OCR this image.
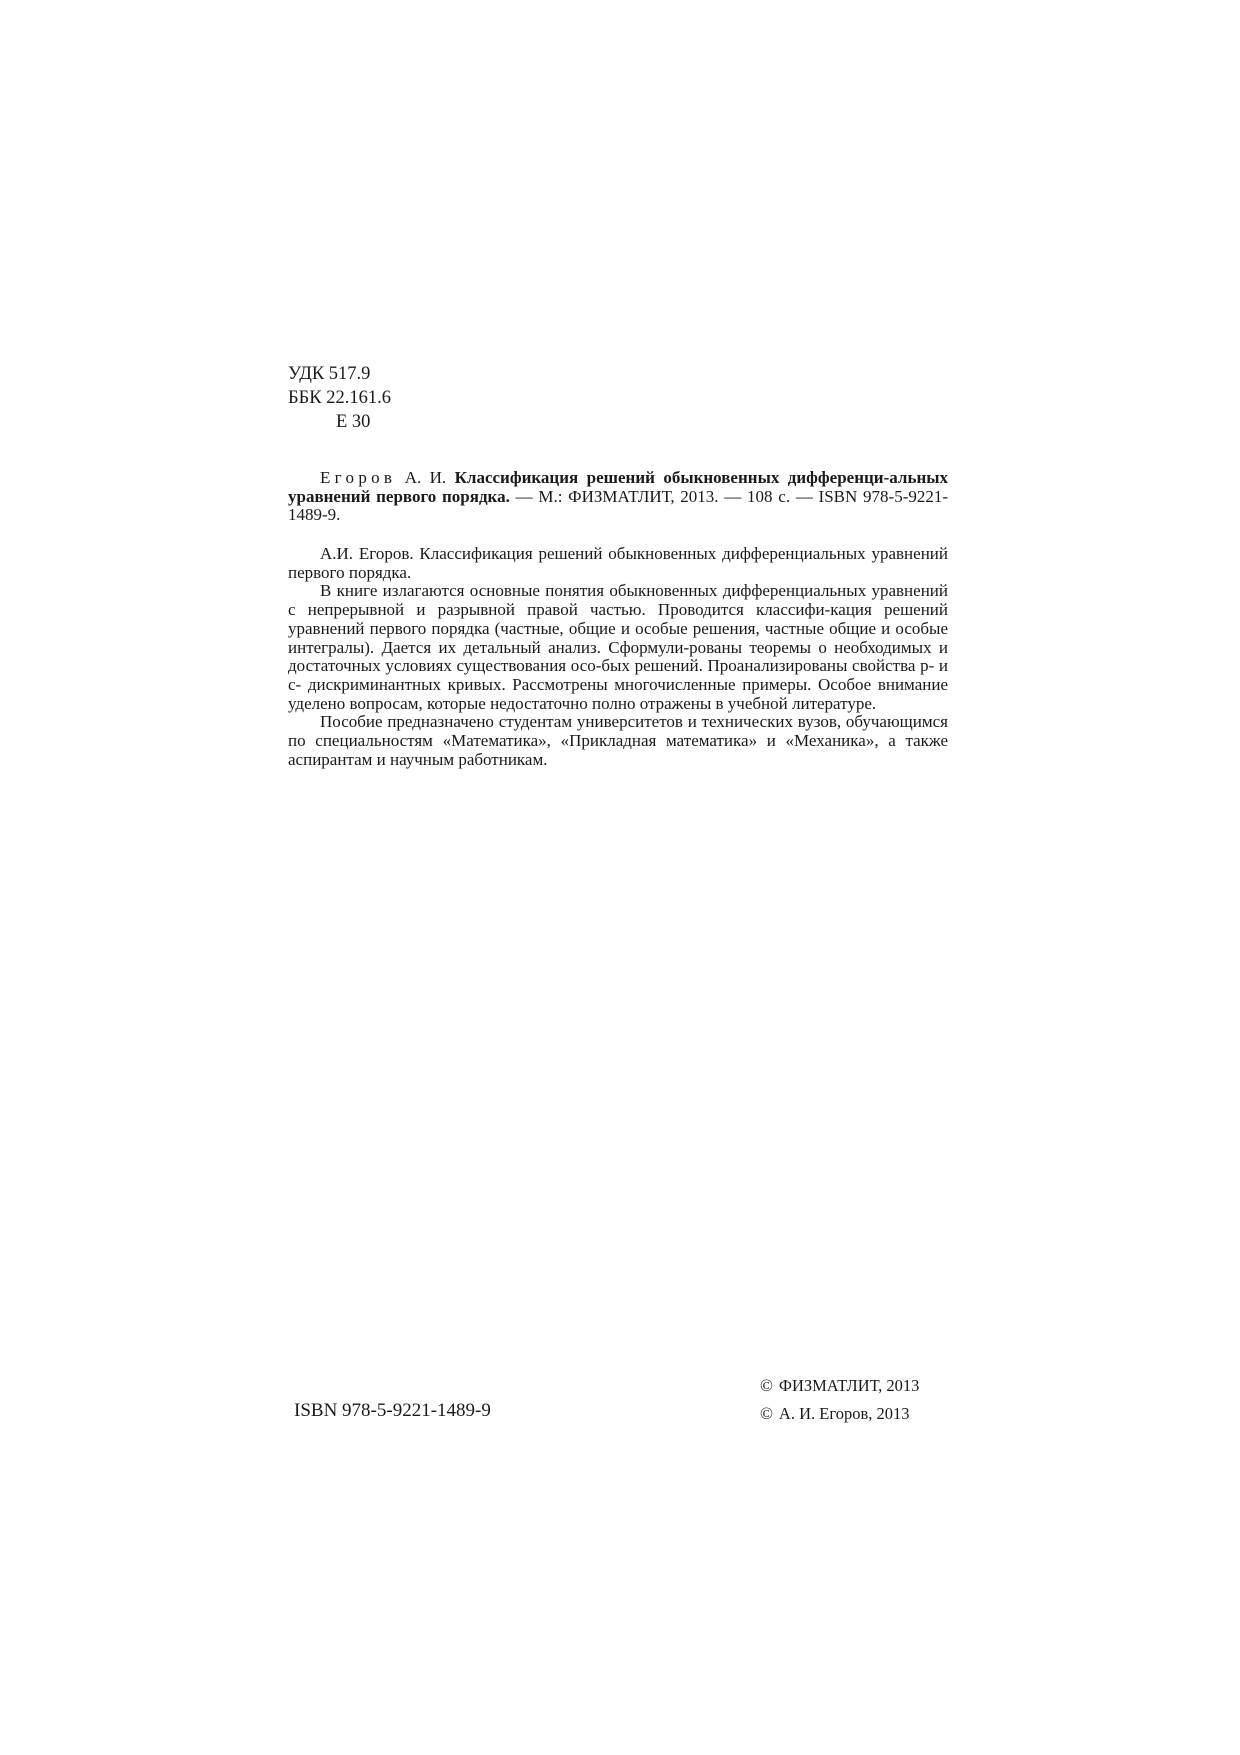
УДК 517.9
ББК 22.161.6
Е 30

Егоров А. И. Классификация решений обыкновенных дифференци-альных уравнений первого порядка. — М.: ФИЗМАТЛИТ, 2013. — 108 с. — ISBN 978-5-9221-1489-9.

А.И. Егоров. Классификация решений обыкновенных дифференциальных уравнений первого порядка.

В книге излагаются основные понятия обыкновенных дифференциальных уравнений с непрерывной и разрывной правой частью. Проводится классифи-кация решений уравнений первого порядка (частные, общие и особые решения, частные общие и особые интегралы). Дается их детальный анализ. Сформули-рованы теоремы о необходимых и достаточных условиях существования осо-бых решений. Проанализированы свойства p- и c- дискриминантных кривых. Рассмотрены многочисленные примеры. Особое внимание уделено вопросам, которые недостаточно полно отражены в учебной литературе.

Пособие предназначено студентам университетов и технических вузов, обучающимся по специальностям «Математика», «Прикладная математика» и «Механика», а также аспирантам и научным работникам.

ISBN 978-5-9221-1489-9
© ФИЗМАТЛИТ, 2013
© А. И. Егоров, 2013
